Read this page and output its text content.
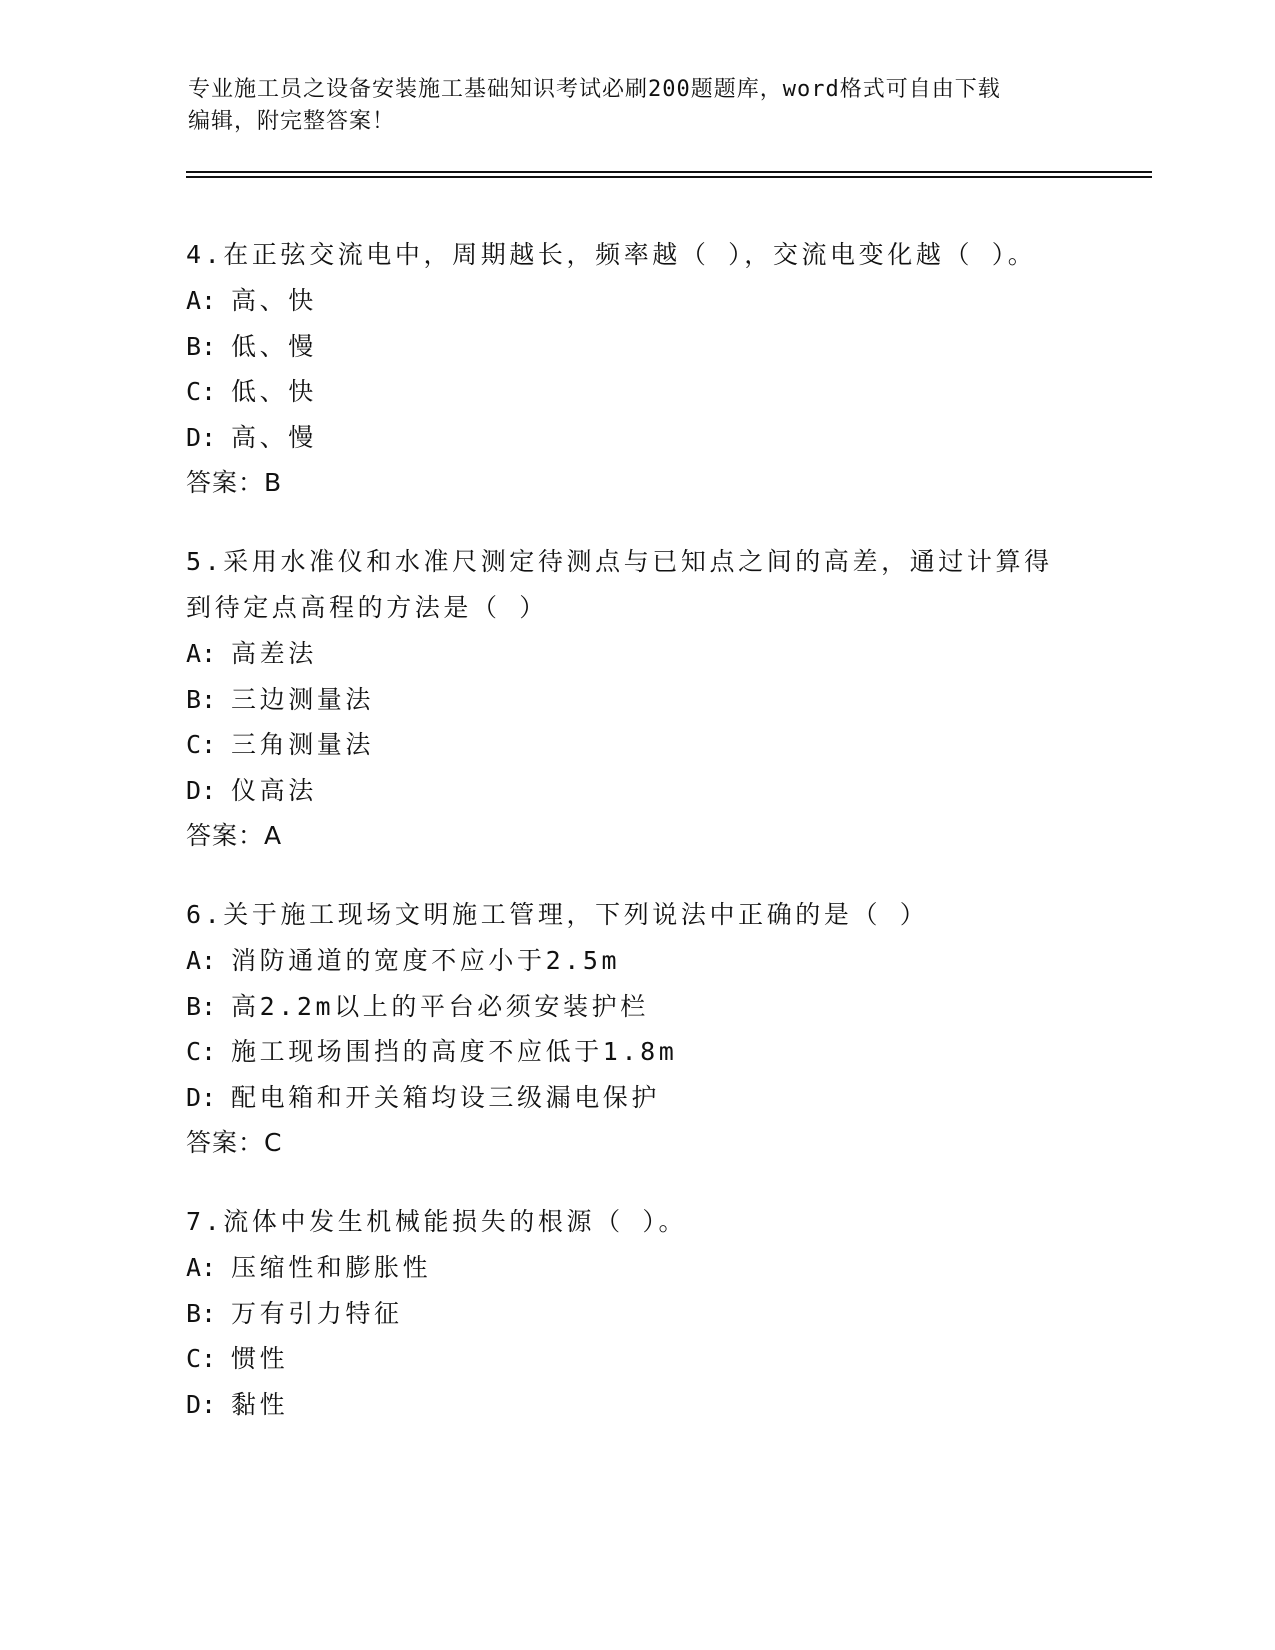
专业施工员之设备安装施工基础知识考试必刷200题题库，word格式可自由下载
编辑，附完整答案！
4.在正弦交流电中，周期越长，频率越（ ），交流电变化越（ ）。
A: 高、快
B: 低、慢
C: 低、快
D: 高、慢
答案：B
5.采用水准仪和水准尺测定待测点与已知点之间的高差，通过计算得
到待定点高程的方法是（ ）
A: 高差法
B: 三边测量法
C: 三角测量法
D: 仪高法
答案：A
6.关于施工现场文明施工管理，下列说法中正确的是（ ）
A: 消防通道的宽度不应小于2.5m
B: 高2.2m以上的平台必须安装护栏
C: 施工现场围挡的高度不应低于1.8m
D: 配电箱和开关箱均设三级漏电保护
答案：C
7.流体中发生机械能损失的根源（ ）。
A: 压缩性和膨胀性
B: 万有引力特征
C: 惯性
D: 黏性
